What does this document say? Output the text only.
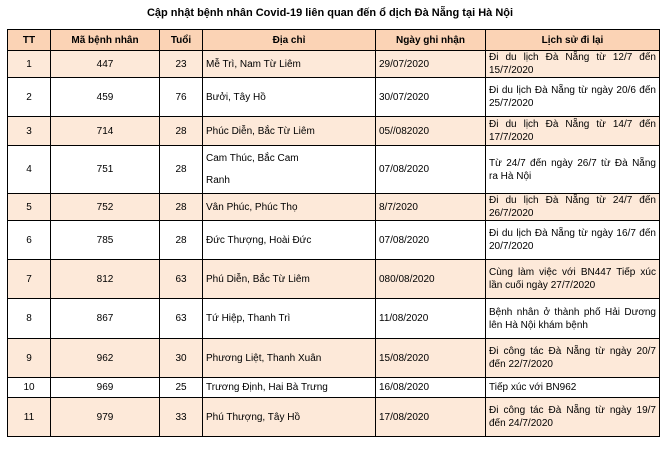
Cập nhật bệnh nhân Covid-19 liên quan đến ổ dịch Đà Nẵng tại Hà Nội
TT	Mã bệnh nhân	Tuổi	Địa chỉ	Ngày ghi nhận	Lịch sử đi lại
1	447	23	Mễ Trì, Nam Từ Liêm	29/07/2020	Đi du lịch Đà Nẵng từ 12/7 đến 15/7/2020
2	459	76	Bưởi, Tây Hồ	30/07/2020	Đi du lịch Đà Nẵng từ ngày 20/6 đến 25/7/2020
3	714	28	Phúc Diễn, Bắc Từ Liêm	05//082020	Đi du lịch Đà Nẵng từ 14/7 đến 17/7/2020
4	751	28	Cam Thúc, Bắc Cam Ranh	07/08/2020	Từ 24/7 đến ngày 26/7 từ Đà Nẵng ra Hà Nội
5	752	28	Vân Phúc, Phúc Thọ	8/7/2020	Đi du lịch Đà Nẵng từ 24/7 đến 26/7/2020
6	785	28	Đức Thượng, Hoài Đức	07/08/2020	Đi du lịch Đà Nẵng từ ngày 16/7 đến 20/7/2020
7	812	63	Phú Diễn, Bắc Từ Liêm	080/08/2020	Cùng làm việc với BN447 Tiếp xúc lần cuối ngày 27/7/2020
8	867	63	Tứ Hiệp, Thanh Trì	11/08/2020	Bệnh nhân ở thành phố Hải Dương lên Hà Nội khám bệnh
9	962	30	Phương Liệt, Thanh Xuân	15/08/2020	Đi công tác Đà Nẵng từ ngày 20/7 đến 22/7/2020
10	969	25	Trương Định, Hai Bà Trưng	16/08/2020	Tiếp xúc với BN962
11	979	33	Phú Thượng, Tây Hồ	17/08/2020	Đi công tác Đà Nẵng từ ngày 19/7 đến 24/7/2020
